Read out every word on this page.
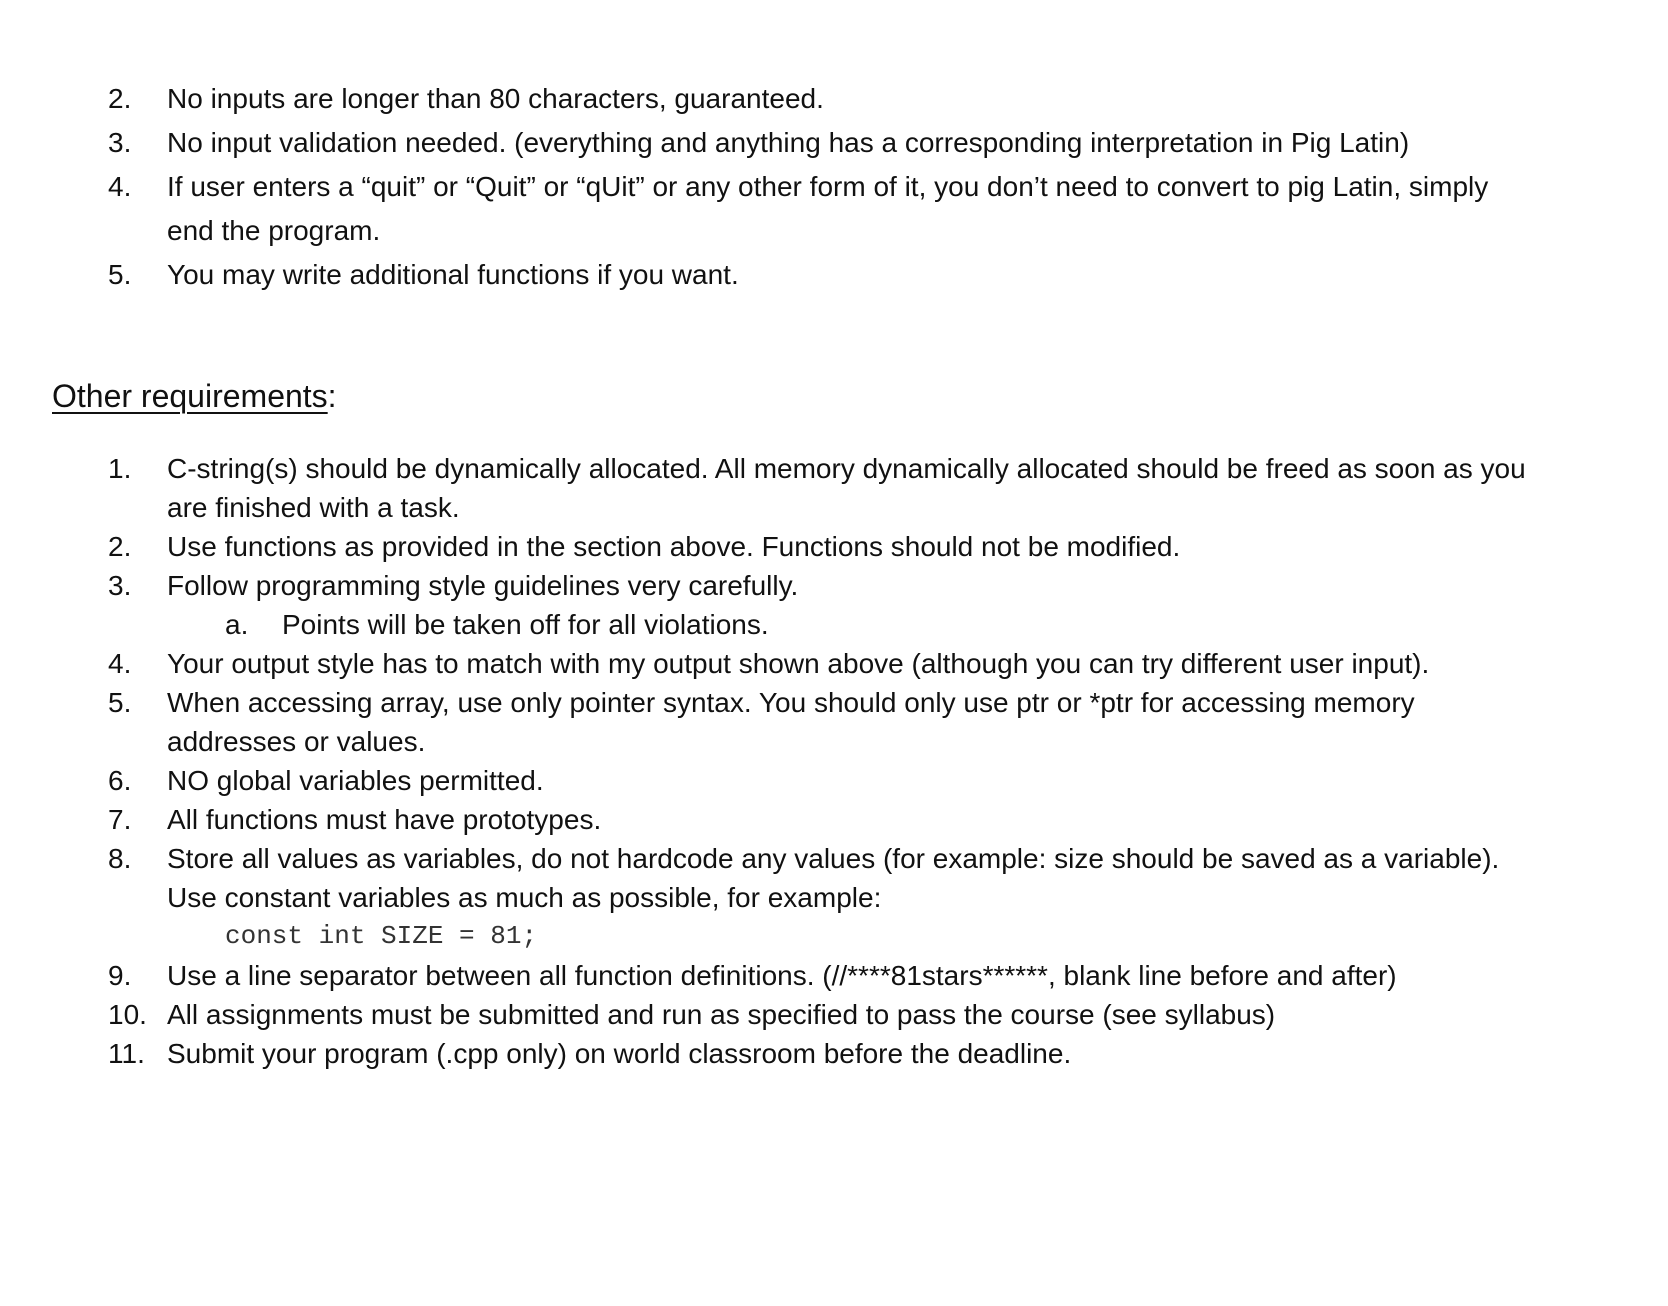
2.	No inputs are longer than 80 characters, guaranteed.
3.	No input validation needed. (everything and anything has a corresponding interpretation in Pig Latin)
4.	If user enters a “quit” or “Quit” or “qUit” or any other form of it, you don’t need to convert to pig Latin, simply end the program.
5.	You may write additional functions if you want.
Other requirements:
1.	C-string(s) should be dynamically allocated. All memory dynamically allocated should be freed as soon as you are finished with a task.
2.	Use functions as provided in the section above. Functions should not be modified.
3.	Follow programming style guidelines very carefully.
a.	Points will be taken off for all violations.
4.	Your output style has to match with my output shown above (although you can try different user input).
5.	When accessing array, use only pointer syntax. You should only use ptr or *ptr for accessing memory addresses or values.
6.	NO global variables permitted.
7.	All functions must have prototypes.
8.	Store all values as variables, do not hardcode any values (for example: size should be saved as a variable). Use constant variables as much as possible, for example:
const int SIZE = 81;
9.	Use a line separator between all function definitions. (//****81stars******, blank line before and after)
10. All assignments must be submitted and run as specified to pass the course (see syllabus)
11. Submit your program (.cpp only) on world classroom before the deadline.
